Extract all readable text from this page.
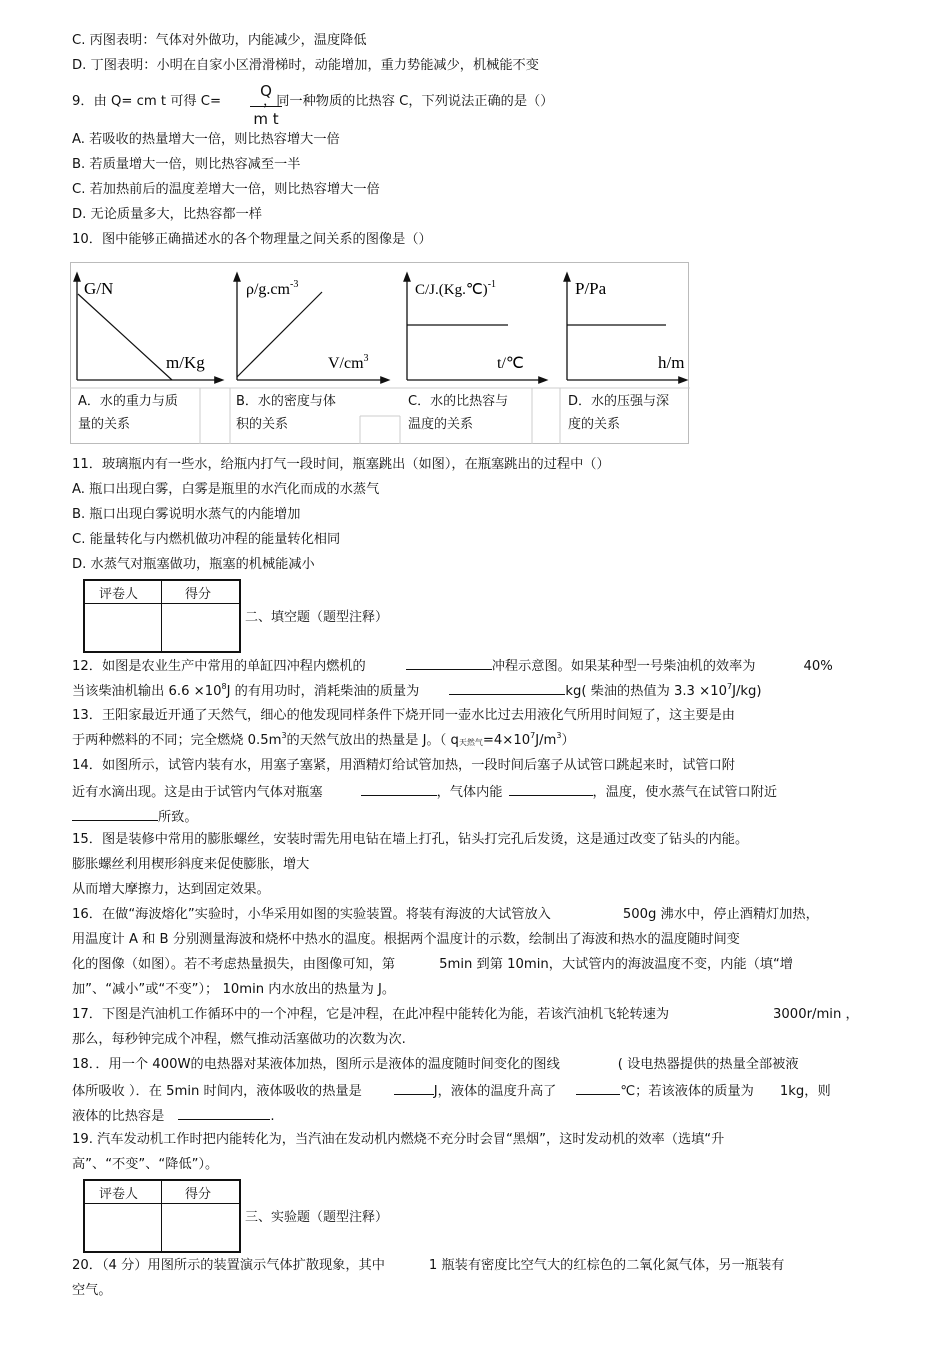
C. 丙图表明：气体对外做功，内能减少，温度降低
D. 丁图表明：小明在自家小区滑滑梯时，动能增加，重力势能减少，机械能不变
9．由 Q= cm t 可得 C=	，同一种物质的比热容 C，下列说法正确的是（）
Q
m t
A. 若吸收的热量增大一倍，则比热容增大一倍
B. 若质量增大一倍，则比热容减至一半
C. 若加热前后的温度差增大一倍，则比热容增大一倍
D. 无论质量多大，比热容都一样
10．图中能够正确描述水的各个物理量之间关系的图像是（）
G/N
m/Kg
$\rho/g.cm^{-3}$
$V/cm^3$
C/J.(Kg.℃)$^{-1}$
t/℃
P/Pa
h/m
A．水的重力与质
量的关系
B．水的密度与体
积的关系
C．水的比热容与
温度的关系
D．水的压强与深
度的关系
11．玻璃瓶内有一些水，给瓶内打气一段时间，瓶塞跳出（如图），在瓶塞跳出的过程中（）
A. 瓶口出现白雾，白雾是瓶里的水汽化而成的水蒸气
B. 瓶口出现白雾说明水蒸气的内能增加
C. 能量转化与内燃机做功冲程的能量转化相同
D. 水蒸气对瓶塞做功，瓶塞的机械能减小
评卷人	得分
二、填空题（题型注释）
12．如图是农业生产中常用的单缸四冲程内燃机的	冲程示意图。如果某种型一号柴油机的效率为	40%
当该柴油机输出 $6.6 \times 10^8J$ 的有用功时，消耗柴油的质量为	kg( 柴油的热值为 $3.3 \times 10^7J/kg$)
13．王阳家最近开通了天然气，细心的他发现同样条件下烧开同一壶水比过去用液化气所用时间短了，这主要是由
于两种燃料的不同；完全燃烧 $0.5m^3$的天然气放出的热量是 J。（ $q_{天然气}=4\times 10^7J/m^3$）
14．如图所示，试管内装有水，用塞子塞紧，用酒精灯给试管加热，一段时间后塞子从试管口跳起来时，试管口附
近有水滴出现。这是由于试管内气体对瓶塞	，气体内能	，温度，使水蒸气在试管口附近
所致。
15．图是装修中常用的膨胀螺丝，安装时需先用电钻在墙上打孔，钻头打完孔后发烫，这是通过改变了钻头的内能。
膨胀螺丝利用楔形斜度来促使膨胀，增大
从而增大摩擦力，达到固定效果。
16．在做“海波熔化”实验时，小华采用如图的实验装置。将装有海波的大试管放入	500g 沸水中，停止酒精灯加热，
用温度计 A 和 B 分别测量海波和烧杯中热水的温度。根据两个温度计的示数，绘制出了海波和热水的温度随时间变
化的图像（如图）。若不考虑热量损失，由图像可知，第	5min 到第 10min，大试管内的海波温度不变，内能（填“增
加”、“减小”或“不变”）； 10min 内水放出的热量为 J。
17．下图是汽油机工作循环中的一个冲程，它是冲程，在此冲程中能转化为能，若该汽油机飞轮转速为	3000r/min ，
那么，每秒钟完成个冲程，燃气推动活塞做功的次数为次.
18．．用一个 400W的电热器对某液体加热，图所示是液体的温度随时间变化的图线	( 设电热器提供的热量全部被液
体所吸收 ）．在 5min 时间内，液体吸收的热量是	J，液体的温度升高了	℃；若该液体的质量为 1kg，则
液体的比热容是	.
19. 汽车发动机工作时把内能转化为，当汽油在发动机内燃烧不充分时会冒“黑烟”，这时发动机的效率（选填“升
高”、“不变”、“降低”）。
评卷人	得分
三、实验题（题型注释）
20．（4 分）用图所示的装置演示气体扩散现象，其中	1 瓶装有密度比空气大的红棕色的二氧化氮气体，另一瓶装有
空气。
